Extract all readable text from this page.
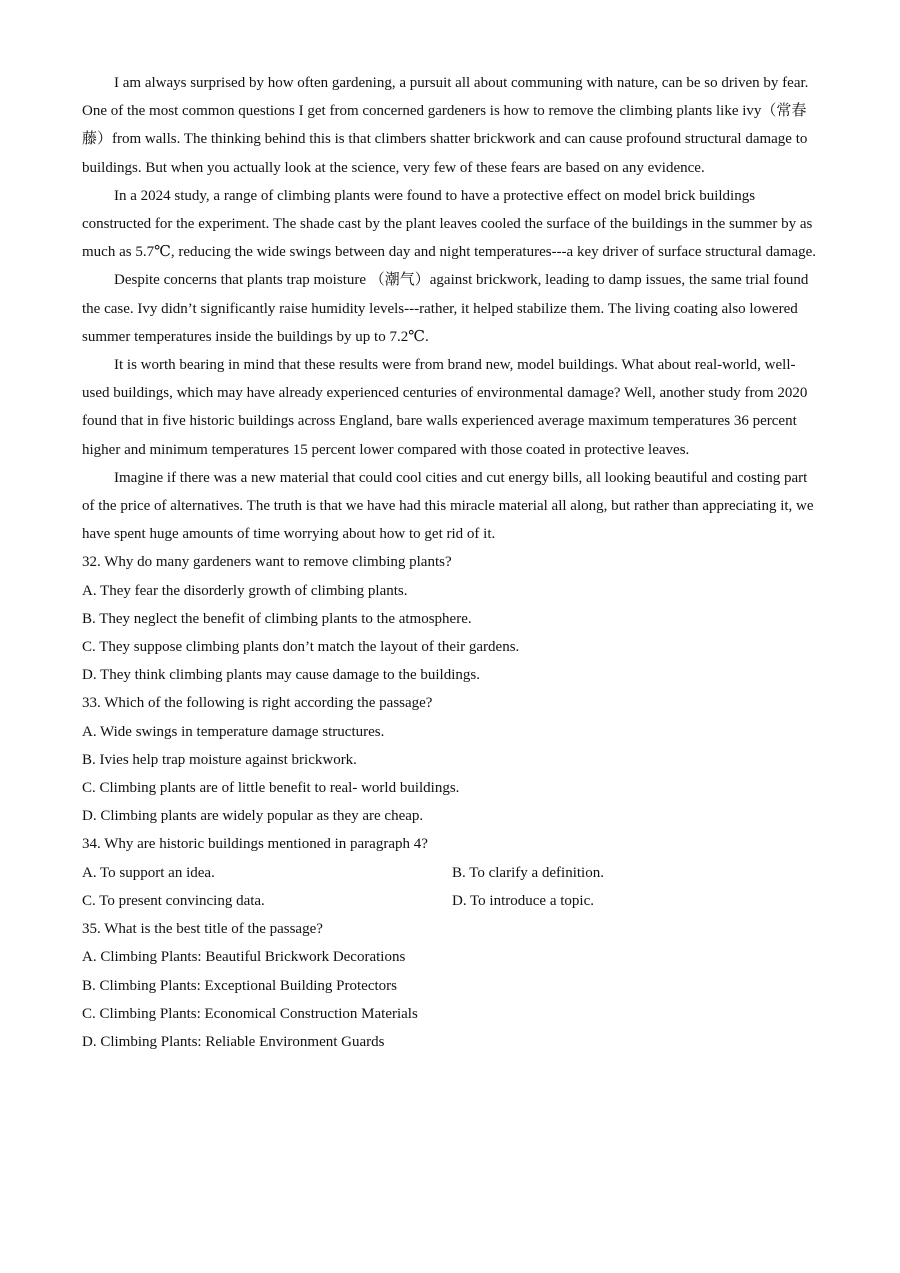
I am always surprised by how often gardening, a pursuit all about communing with nature, can be so driven by fear. One of the most common questions I get from concerned gardeners is how to remove the climbing plants like ivy（常春藤）from walls. The thinking behind this is that climbers shatter brickwork and can cause profound structural damage to buildings. But when you actually look at the science, very few of these fears are based on any evidence.

In a 2024 study, a range of climbing plants were found to have a protective effect on model brick buildings constructed for the experiment. The shade cast by the plant leaves cooled the surface of the buildings in the summer by as much as 5.7℃, reducing the wide swings between day and night temperatures---a key driver of surface structural damage.

Despite concerns that plants trap moisture （潮气）against brickwork, leading to damp issues, the same trial found the case. Ivy didn’t significantly raise humidity levels---rather, it helped stabilize them. The living coating also lowered summer temperatures inside the buildings by up to 7.2℃.

It is worth bearing in mind that these results were from brand new, model buildings. What about real-world, well-used buildings, which may have already experienced centuries of environmental damage? Well, another study from 2020 found that in five historic buildings across England, bare walls experienced average maximum temperatures 36 percent higher and minimum temperatures 15 percent lower compared with those coated in protective leaves.

Imagine if there was a new material that could cool cities and cut energy bills, all looking beautiful and costing part of the price of alternatives. The truth is that we have had this miracle material all along, but rather than appreciating it, we have spent huge amounts of time worrying about how to get rid of it.

32. Why do many gardeners want to remove climbing plants?

A. They fear the disorderly growth of climbing plants.

B. They neglect the benefit of climbing plants to the atmosphere.

C. They suppose climbing plants don’t match the layout of their gardens.

D. They think climbing plants may cause damage to the buildings.

33. Which of the following is right according the passage?

A. Wide swings in temperature damage structures.

B. Ivies help trap moisture against brickwork.

C. Climbing plants are of little benefit to real- world buildings.

D. Climbing plants are widely popular as they are cheap.

34. Why are historic buildings mentioned in paragraph 4?

A. To support an idea.	B. To clarify a definition.

C. To present convincing data.	D. To introduce a topic.

35. What is the best title of the passage?

A. Climbing Plants: Beautiful Brickwork Decorations

B. Climbing Plants: Exceptional Building Protectors

C. Climbing Plants: Economical Construction Materials

D. Climbing Plants: Reliable Environment Guards
